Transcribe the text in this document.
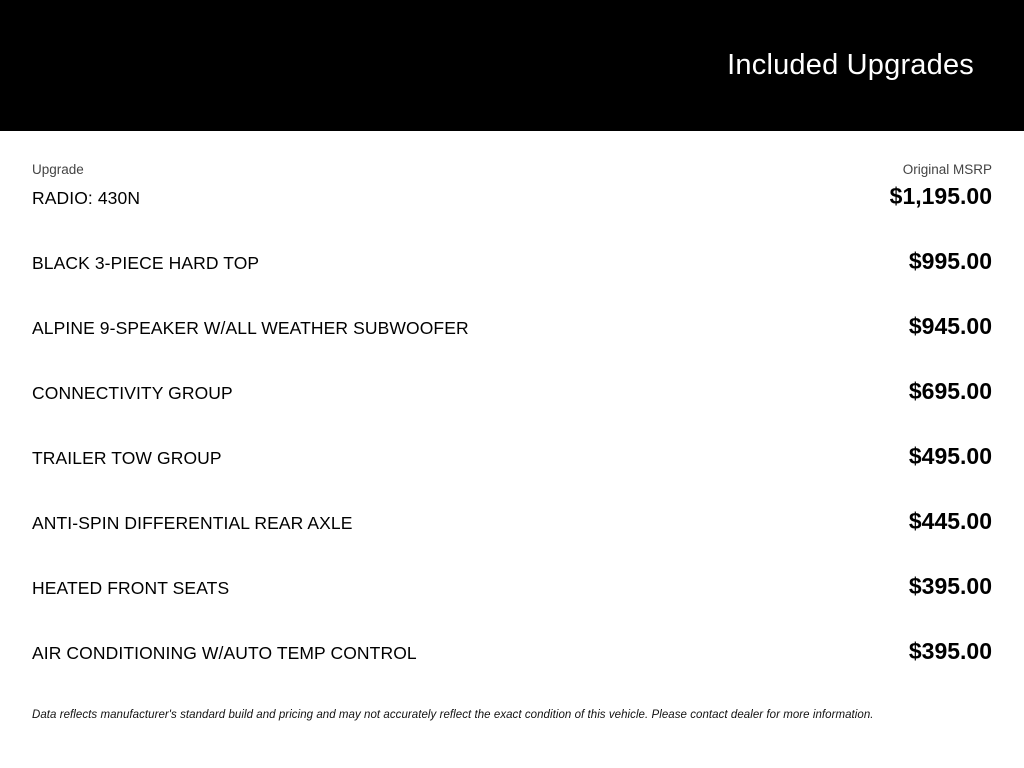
Included Upgrades
Upgrade	Original MSRP
RADIO: 430N	$1,195.00
BLACK 3-PIECE HARD TOP	$995.00
ALPINE 9-SPEAKER W/ALL WEATHER SUBWOOFER	$945.00
CONNECTIVITY GROUP	$695.00
TRAILER TOW GROUP	$495.00
ANTI-SPIN DIFFERENTIAL REAR AXLE	$445.00
HEATED FRONT SEATS	$395.00
AIR CONDITIONING W/AUTO TEMP CONTROL	$395.00
Data reflects manufacturer's standard build and pricing and may not accurately reflect the exact condition of this vehicle. Please contact dealer for more information.
